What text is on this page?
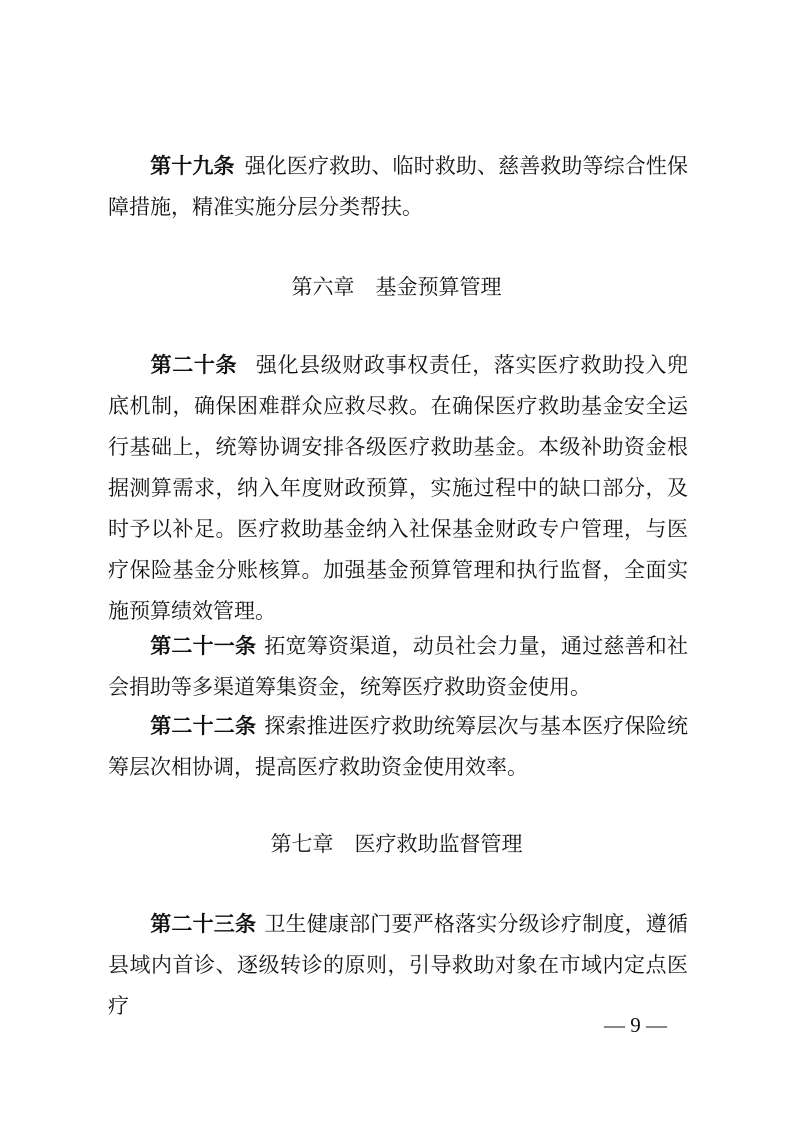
第十九条 强化医疗救助、临时救助、慈善救助等综合性保障措施，精准实施分层分类帮扶。

第六章　基金预算管理

第二十条 强化县级财政事权责任，落实医疗救助投入兜底机制，确保困难群众应救尽救。在确保医疗救助基金安全运行基础上，统筹协调安排各级医疗救助基金。本级补助资金根据测算需求，纳入年度财政预算，实施过程中的缺口部分，及时予以补足。医疗救助基金纳入社保基金财政专户管理，与医疗保险基金分账核算。加强基金预算管理和执行监督，全面实施预算绩效管理。

第二十一条 拓宽筹资渠道，动员社会力量，通过慈善和社会捐助等多渠道筹集资金，统筹医疗救助资金使用。

第二十二条 探索推进医疗救助统筹层次与基本医疗保险统筹层次相协调，提高医疗救助资金使用效率。

第七章　医疗救助监督管理

第二十三条 卫生健康部门要严格落实分级诊疗制度，遵循县域内首诊、逐级转诊的原则，引导救助对象在市域内定点医疗

— 9 —
